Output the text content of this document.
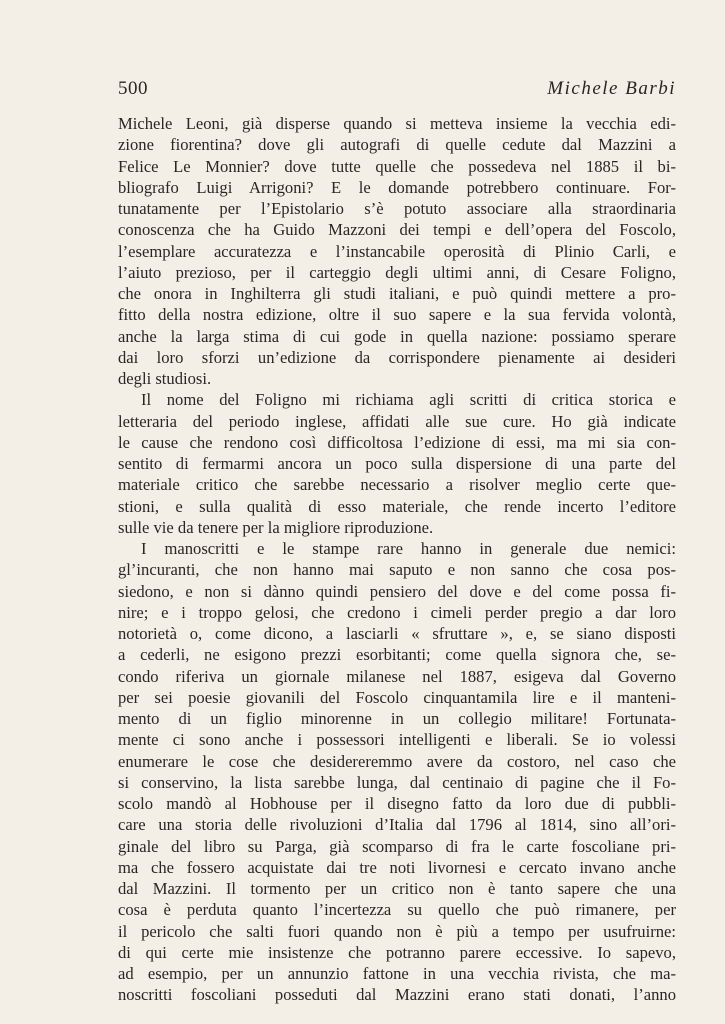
500	Michele Barbi
Michele Leoni, già disperse quando si metteva insieme la vecchia edi-
zione fiorentina? dove gli autografi di quelle cedute dal Mazzini a
Felice Le Monnier? dove tutte quelle che possedeva nel 1885 il bi-
bliografo Luigi Arrigoni? E le domande potrebbero continuare. For-
tunatamente per l’Epistolario s’è potuto associare alla straordinaria
conoscenza che ha Guido Mazzoni dei tempi e dell’opera del Foscolo,
l’esemplare accuratezza e l’instancabile operosità di Plinio Carli, e
l’aiuto prezioso, per il carteggio degli ultimi anni, di Cesare Foligno,
che onora in Inghilterra gli studi italiani, e può quindi mettere a pro-
fitto della nostra edizione, oltre il suo sapere e la sua fervida volontà,
anche la larga stima di cui gode in quella nazione: possiamo sperare
dai loro sforzi un’edizione da corrispondere pienamente ai desideri
degli studiosi.
Il nome del Foligno mi richiama agli scritti di critica storica e
letteraria del periodo inglese, affidati alle sue cure. Ho già indicate
le cause che rendono così difficoltosa l’edizione di essi, ma mi sia con-
sentito di fermarmi ancora un poco sulla dispersione di una parte del
materiale critico che sarebbe necessario a risolver meglio certe que-
stioni, e sulla qualità di esso materiale, che rende incerto l’editore
sulle vie da tenere per la migliore riproduzione.
I manoscritti e le stampe rare hanno in generale due nemici:
gl’incuranti, che non hanno mai saputo e non sanno che cosa pos-
siedono, e non si dànno quindi pensiero del dove e del come possa fi-
nire; e i troppo gelosi, che credono i cimeli perder pregio a dar loro
notorietà o, come dicono, a lasciarli « sfruttare », e, se siano disposti
a cederli, ne esigono prezzi esorbitanti; come quella signora che, se-
condo riferiva un giornale milanese nel 1887, esigeva dal Governo
per sei poesie giovanili del Foscolo cinquantamila lire e il manteni-
mento di un figlio minorenne in un collegio militare! Fortunata-
mente ci sono anche i possessori intelligenti e liberali. Se io volessi
enumerare le cose che desidereremmo avere da costoro, nel caso che
si conservino, la lista sarebbe lunga, dal centinaio di pagine che il Fo-
scolo mandò al Hobhouse per il disegno fatto da loro due di pubbli-
care una storia delle rivoluzioni d’Italia dal 1796 al 1814, sino all’ori-
ginale del libro su Parga, già scomparso di fra le carte foscoliane pri-
ma che fossero acquistate dai tre noti livornesi e cercato invano anche
dal Mazzini. Il tormento per un critico non è tanto sapere che una
cosa è perduta quanto l’incertezza su quello che può rimanere, per
il pericolo che salti fuori quando non è più a tempo per usufruirne:
di qui certe mie insistenze che potranno parere eccessive. Io sapevo,
ad esempio, per un annunzio fattone in una vecchia rivista, che ma-
noscritti foscoliani posseduti dal Mazzini erano stati donati, l’anno
